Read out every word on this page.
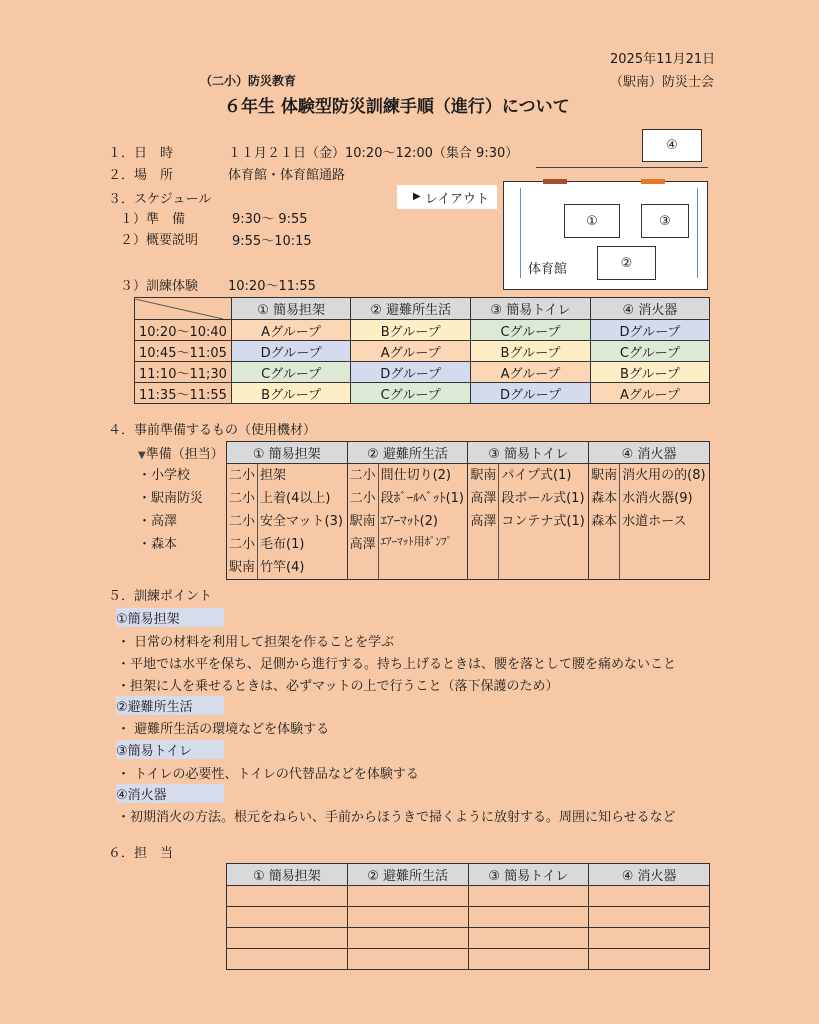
2025年11月21日
（駅南）防災士会
（二小）防災教育
６年生 体験型防災訓練手順（進行）について
１．日　時	１１月２１日（金）10:20〜12:00（集合 9:30）
２．場　所	体育館・体育館通路
３．スケジュール
１）準　備	9:30〜 9:55
２）概要説明	9:55〜10:15
３）訓練体験 10:20〜11:55
▶ レイアウト
④
①	③
②
体育館
	① 簡易担架	② 避難所生活	③ 簡易トイレ	④ 消火器
10:20〜10:40	Aグループ	Bグループ	Cグループ	Dグループ
10:45〜11:05	Dグループ	Aグループ	Bグループ	Cグループ
11:10〜11;30	Cグループ	Dグループ	Aグループ	Bグループ
11:35〜11:55	Bグループ	Cグループ	Dグループ	Aグループ
４．事前準備するもの（使用機材）
▼準備（担当）
・小学校
・駅南防災
・高澤
・森本
① 簡易担架		② 避難所生活		③ 簡易トイレ		④ 消火器	
二小	担架	二小	間仕切り(2)	駅南	パイプ式(1)	駅南	消火用の的(8)
二小	上着(4以上)	二小	段ﾎﾞｰﾙﾍﾞｯﾄ(1)	高澤	段ボール式(1)	森本	水消火器(9)
二小	安全マット(3)	駅南	ｴｱｰﾏｯﾄ(2)	高澤	コンテナ式(1)	森本	水道ホース
二小	毛布(1)	高澤	ｴｱｰﾏｯﾄ用ﾎﾟﾝﾌﾟ				
駅南	竹竿(4)						
５．訓練ポイント
①簡易担架
・ 日常の材料を利用して担架を作ることを学ぶ
・平地では水平を保ち、足側から進行する。持ち上げるときは、腰を落として腰を痛めないこと
・担架に人を乗せるときは、必ずマットの上で行うこと（落下保護のため）
②避難所生活
・ 避難所生活の環境などを体験する
③簡易トイレ
・ トイレの必要性、トイレの代替品などを体験する
④消火器
・初期消火の方法。根元をねらい、手前からほうきで掃くように放射する。周囲に知らせるなど
６．担　当
① 簡易担架	② 避難所生活	③ 簡易トイレ	④ 消火器
